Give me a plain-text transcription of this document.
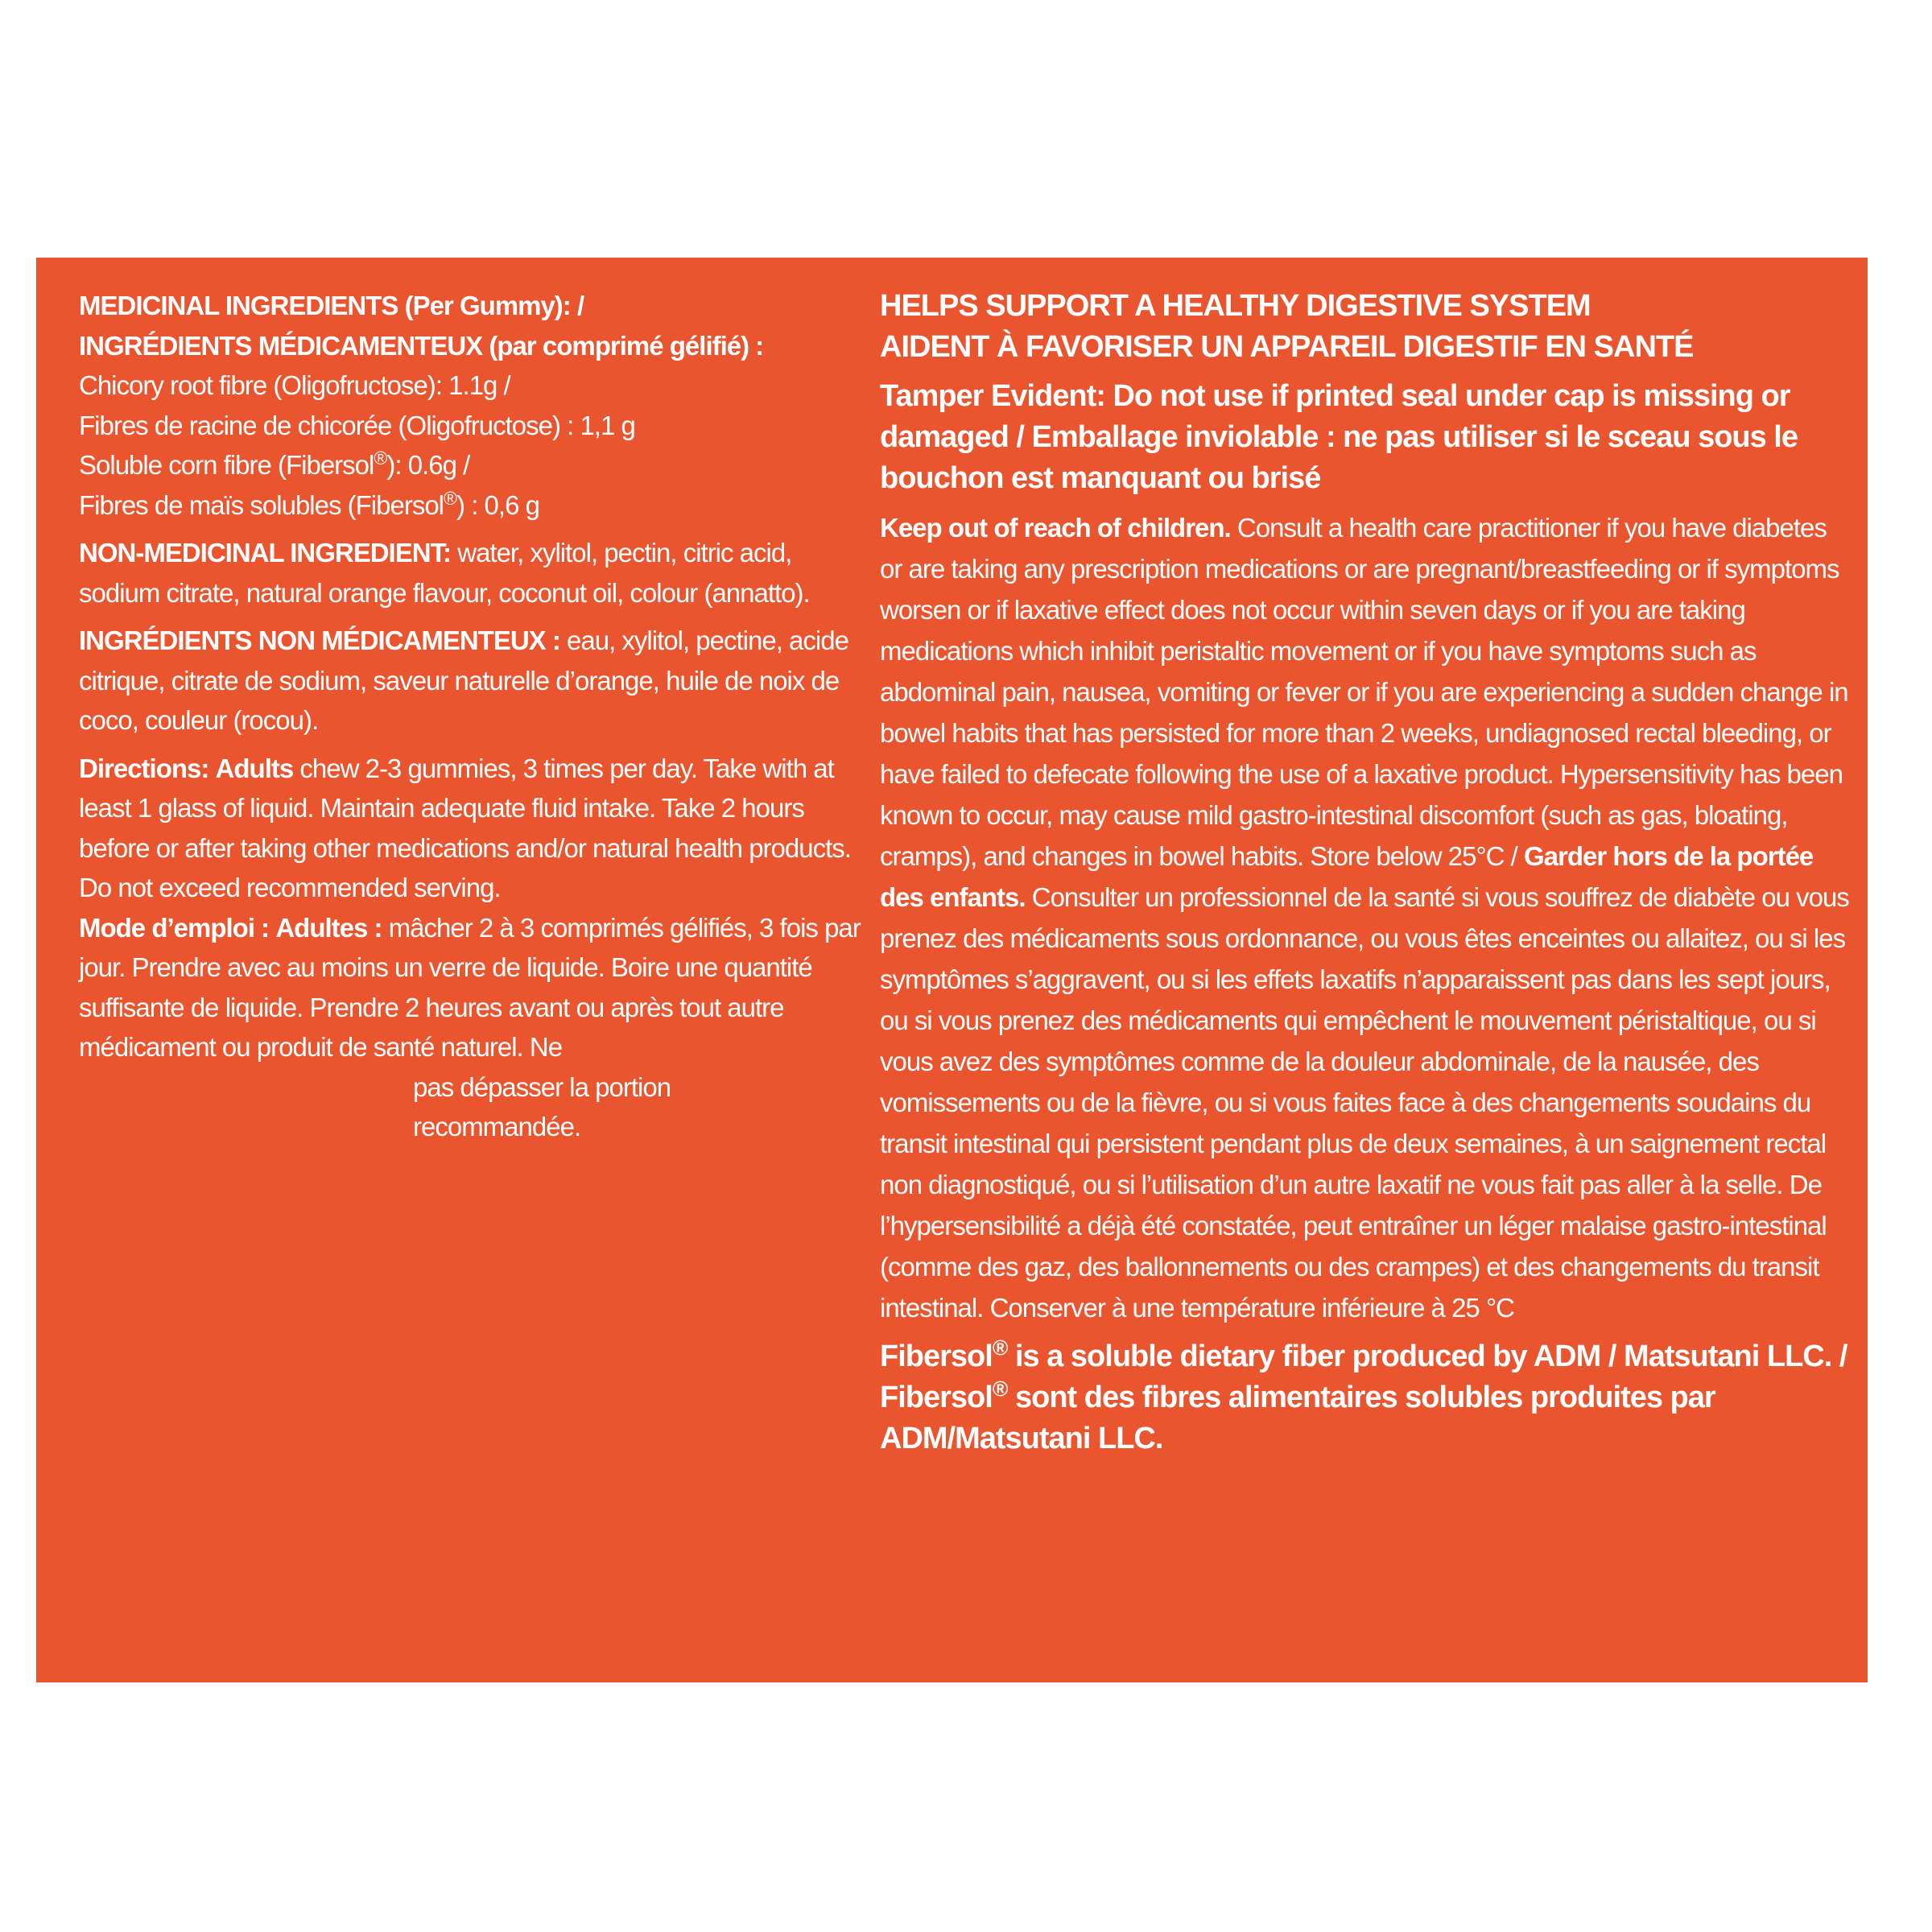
MEDICINAL INGREDIENTS (Per Gummy): /
INGRÉDIENTS MÉDICAMENTEUX (par comprimé gélifié) :
Chicory root fibre (Oligofructose): 1.1g /
Fibres de racine de chicorée (Oligofructose) : 1,1 g
Soluble corn fibre (Fibersol®): 0.6g /
Fibres de maïs solubles (Fibersol®) : 0,6 g

NON-MEDICINAL INGREDIENT: water, xylitol, pectin, citric acid, sodium citrate, natural orange flavour, coconut oil, colour (annatto).

INGRÉDIENTS NON MÉDICAMENTEUX : eau, xylitol, pectine, acide citrique, citrate de sodium, saveur naturelle d’orange, huile de noix de coco, couleur (rocou).

Directions: Adults chew 2-3 gummies, 3 times per day. Take with at least 1 glass of liquid. Maintain adequate fluid intake. Take 2 hours before or after taking other medications and/or natural health products. Do not exceed recommended serving.

Mode d’emploi : Adultes : mâcher 2 à 3 comprimés gélifiés, 3 fois par jour. Prendre avec au moins un verre de liquide. Boire une quantité suffisante de liquide. Prendre 2 heures avant ou après tout autre médicament ou produit de santé naturel. Ne
pas dépasser la portion
recommandée.

HELPS SUPPORT A HEALTHY DIGESTIVE SYSTEM

AIDENT À FAVORISER UN APPAREIL DIGESTIF EN SANTÉ

Tamper Evident: Do not use if printed seal under cap is missing or damaged / Emballage inviolable : ne pas utiliser si le sceau sous le bouchon est manquant ou brisé

Keep out of reach of children. Consult a health care practitioner if you have diabetes or are taking any prescription medications or are pregnant/breastfeeding or if symptoms worsen or if laxative effect does not occur within seven days or if you are taking medications which inhibit peristaltic movement or if you have symptoms such as abdominal pain, nausea, vomiting or fever or if you are experiencing a sudden change in bowel habits that has persisted for more than 2 weeks, undiagnosed rectal bleeding, or have failed to defecate following the use of a laxative product. Hypersensitivity has been known to occur, may cause mild gastro-intestinal discomfort (such as gas, bloating, cramps), and changes in bowel habits. Store below 25°C / Garder hors de la portée des enfants. Consulter un professionnel de la santé si vous souffrez de diabète ou vous prenez des médicaments sous ordonnance, ou vous êtes enceintes ou allaitez, ou si les symptômes s’aggravent, ou si les effets laxatifs n’apparaissent pas dans les sept jours, ou si vous prenez des médicaments qui empêchent le mouvement péristaltique, ou si vous avez des symptômes comme de la douleur abdominale, de la nausée, des vomissements ou de la fièvre, ou si vous faites face à des changements soudains du transit intestinal qui persistent pendant plus de deux semaines, à un saignement rectal non diagnostiqué, ou si l’utilisation d’un autre laxatif ne vous fait pas aller à la selle. De l’hypersensibilité a déjà été constatée, peut entraîner un léger malaise gastro-intestinal (comme des gaz, des ballonnements ou des crampes) et des changements du transit intestinal. Conserver à une température inférieure à 25 °C

Fibersol® is a soluble dietary fiber produced by ADM / Matsutani LLC. / Fibersol® sont des fibres alimentaires solubles produites par ADM/Matsutani LLC.
